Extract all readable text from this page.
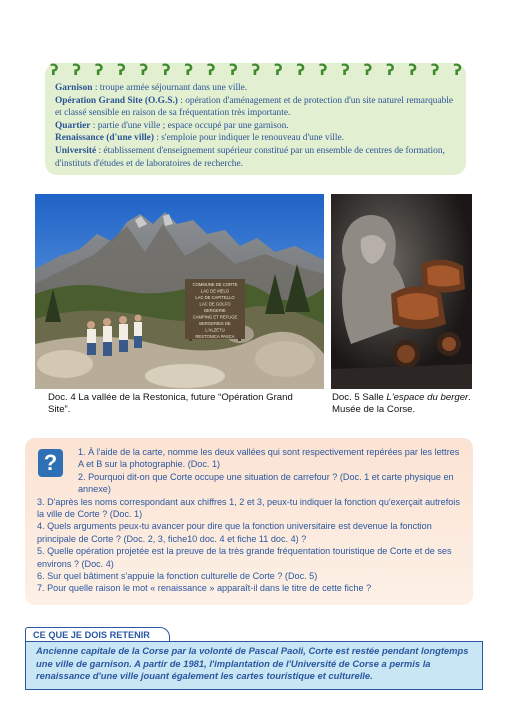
ʔ ʔ ʔ ʔ ʔ ʔ ʔ ʔ ʔ ʔ ʔ ʔ ʔ ʔ ʔ ʔ ʔ ʔ ʔ
Garnison : troupe armée séjournant dans une ville.
Opération Grand Site (O.G.S.) : opération d'aménagement et de protection d'un site naturel remarquable et classé sensible en raison de sa fréquentation très importante.
Quartier : partie d'une ville ; espace occupé par une garnison.
Renaissance (d'une ville) : s'emploie pour indiquer le renouveau d'une ville.
Université : établissement d'enseignement supérieur constitué par un ensemble de centres de formation, d'instituts d'études et de laboratoires de recherche.
COMMUNE DE CORTE
LAC DE MELO
LAC DE CAPITELLO
LAC DE GOLFO
BERGERIE
CAMPING ET REFUGE
BERGERIES DE
L'ALZETU
RESTONICA PASCA
Doc. 4 La vallée de la Restonica, future “Opération Grand Site”.
Doc. 5 Salle L'espace du berger. Musée de la Corse.
?	1. À l'aide de la carte, nomme les deux vallées qui sont respectivement repérées par les lettres A et B sur la photographie. (Doc. 1)

2. Pourquoi dit-on que Corte occupe une situation de carrefour ? (Doc. 1 et carte physique en annexe)

3. D'après les noms correspondant aux chiffres 1, 2 et 3, peux-tu indiquer la fonction qu'exerçait autrefois la ville de Corte ? (Doc. 1)

4. Quels arguments peux-tu avancer pour dire que la fonction universitaire est devenue la fonction principale de Corte ? (Doc. 2, 3, fiche10 doc. 4 et fiche 11 doc. 4) ?

5. Quelle opération projetée est la preuve de la très grande fréquentation touristique de Corte et de ses environs ? (Doc. 4)

6. Sur quel bâtiment s'appuie la fonction culturelle de Corte ? (Doc. 5)

7. Pour quelle raison le mot « renaissance » apparaît-il dans le titre de cette fiche ?

CE QUE JE DOIS RETENIR
Ancienne capitale de la Corse par la volonté de Pascal Paoli, Corte est restée pendant longtemps une ville de garnison. A partir de 1981, l'implantation de l'Université de Corse a permis la renaissance d'une ville jouant également les cartes touristique et culturelle.
